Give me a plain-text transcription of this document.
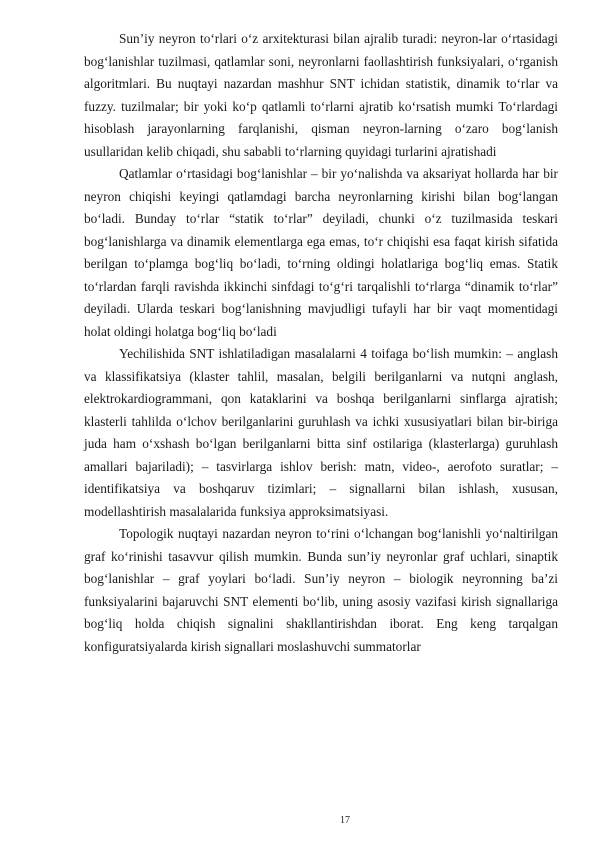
Sun’iy neyron to‘rlari o‘z arxitekturasi bilan ajralib turadi: neyron-lar o‘rtasidagi bog‘lanishlar tuzilmasi, qatlamlar soni, neyronlarni faollashtirish funksiyalari, o‘rganish algoritmlari. Bu nuqtayi nazardan mashhur SNT ichidan statistik, dinamik to‘rlar va fuzzy. tuzilmalar; bir yoki ko‘p qatlamli to‘rlarni ajratib ko‘rsatish mumki To‘rlardagi hisoblash jarayonlarning farqlanishi, qisman neyron-larning o‘zaro bog‘lanish usullaridan kelib chiqadi, shu sababli to‘rlarning quyidagi turlarini ajratishadi

Qatlamlar o‘rtasidagi bog‘lanishlar – bir yo‘nalishda va aksariyat hollarda har bir neyron chiqishi keyingi qatlamdagi barcha neyronlarning kirishi bilan bog‘langan bo‘ladi. Bunday to‘rlar “statik to‘rlar” deyiladi, chunki o‘z tuzilmasida teskari bog‘lanishlarga va dinamik elementlarga ega emas, to‘r chiqishi esa faqat kirish sifatida berilgan to‘plamga bog‘liq bo‘ladi, to‘rning oldingi holatlariga bog‘liq emas. Statik to‘rlardan farqli ravishda ikkinchi sinfdagi to‘g‘ri tarqalishli to‘rlarga “dinamik to‘rlar” deyiladi. Ularda teskari bog‘lanishning mavjudligi tufayli har bir vaqt momentidagi holat oldingi holatga bog‘liq bo‘ladi

Yechilishida SNT ishlatiladigan masalalarni 4 toifaga bo‘lish mumkin: – anglash va klassifikatsiya (klaster tahlil, masalan, belgili berilganlarni va nutqni anglash, elektrokardiogrammani, qon kataklarini va boshqa berilganlarni sinflarga ajratish; klasterli tahlilda o‘lchov berilganlarini guruhlash va ichki xususiyatlari bilan bir-biriga juda ham o‘xshash bo‘lgan berilganlarni bitta sinf ostilariga (klasterlarga) guruhlash amallari bajariladi); – tasvirlarga ishlov berish: matn, video-, aerofoto suratlar; – identifikatsiya va boshqaruv tizimlari; – signallarni bilan ishlash, xususan, modellashtirish masalalarida funksiya approksimatsiyasi.

Topologik nuqtayi nazardan neyron to‘rini o‘lchangan bog‘lanishli yo‘naltirilgan graf ko‘rinishi tasavvur qilish mumkin. Bunda sun’iy neyronlar graf uchlari, sinaptik bog‘lanishlar – graf yoylari bo‘ladi. Sun’iy neyron – biologik neyronning ba’zi funksiyalarini bajaruvchi SNT elementi bo‘lib, uning asosiy vazifasi kirish signallariga bog‘liq holda chiqish signalini shakllantirishdan iborat. Eng keng tarqalgan konfiguratsiyalarda kirish signallari moslashuvchi summatorlar

17
